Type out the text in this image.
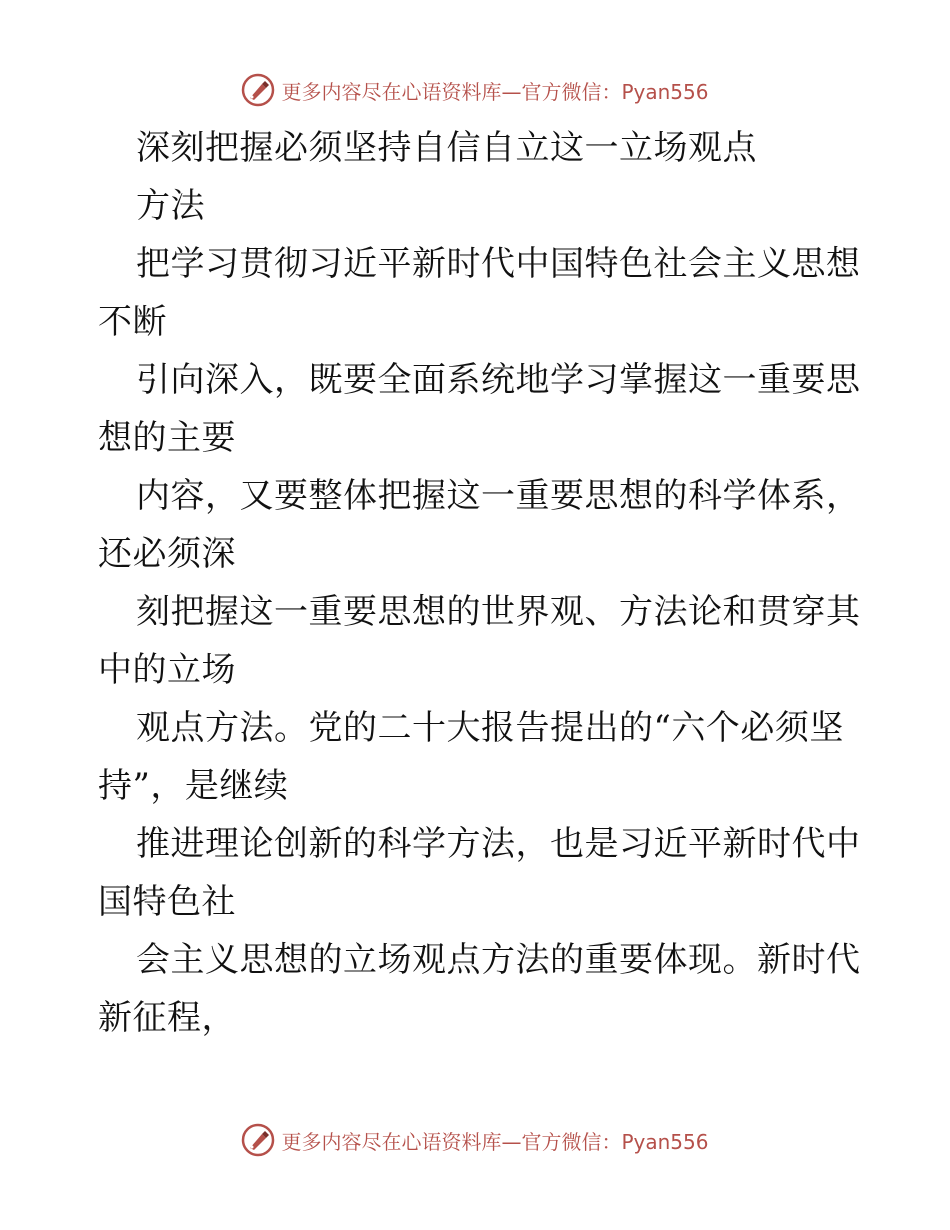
更多内容尽在心语资料库—官方微信：Pyan556
深刻把握必须坚持自信自立这一立场观点
方法
把学习贯彻习近平新时代中国特色社会主义思想
不断
引向深入，既要全面系统地学习掌握这一重要思
想的主要
内容，又要整体把握这一重要思想的科学体系，
还必须深
刻把握这一重要思想的世界观、方法论和贯穿其
中的立场
观点方法。党的二十大报告提出的“六个必须坚
持”，是继续
推进理论创新的科学方法，也是习近平新时代中
国特色社
会主义思想的立场观点方法的重要体现。新时代
新征程，
更多内容尽在心语资料库—官方微信：Pyan556
